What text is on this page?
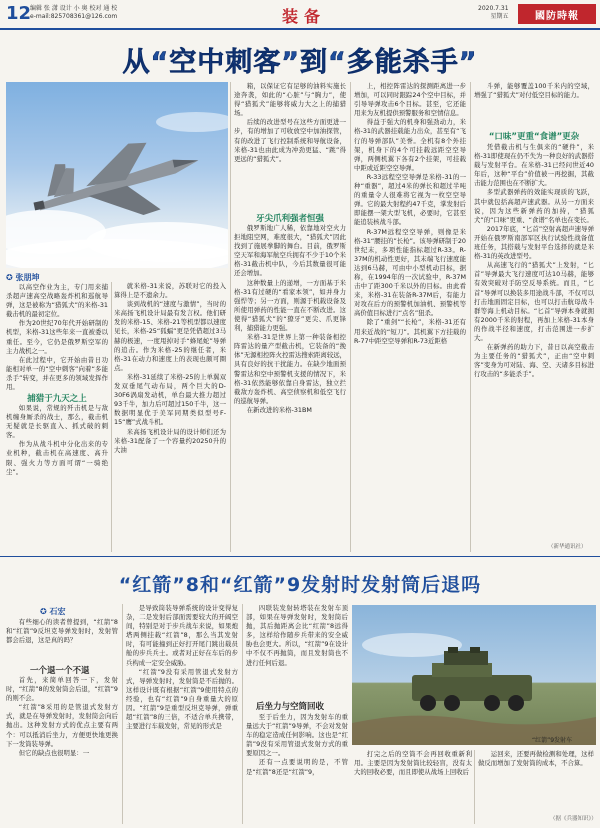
12
编辑 张 潇 设计 小 奥 校对 通 校
e-mail:825708361@126.com	装备	2020.7.31
星期五	國防時報
从“空中刺客”到“多能杀手”
俄罗斯米格-31战机
✪ 张朋坤

以高空作业为主，专门用来捕杀超声速高空战略轰炸机和巡航导弹，这是被称为“猎狐犬”的米格-31截击机的最初定位。

作为20世纪70年代开始研制的机型，米格-31这些年来一直被委以重任。至今，它仍是俄罗斯空军的主力战机之一。

在此过程中，它开始由昔日功能相对单一的“空中刺客”向着“多能杀手”转变，并在更多的领域发挥作用。

捕猎于九天之上

如果说，常规的歼击机是与敌机缠身厮杀的战士，那么，截击机无疑就是长驱直入、抓式破的刺客。

作为从战斗机中分化出来的专业机种，截击机在高速度、高升限、强火力等方面可谓“一骑绝尘”。

就米格-31来说，苏联对它的投入算得上是不遗余力。

谈到战机的“速度与激情”，当时的米高扬飞机设计局最有发言权。他们研发的米格-15、米格-21等机型都以速度见长，米格-25“狐蝠”更是凭借超过3马赫的极速，一度甩掉对手“蜂尾蛇”导弹的追击。作为米格-25的继任者，米格-31在动力和速度上的表现也颇可圈点。

米格-31延续了米格-25的上单翼双发双垂尾气动布局，两个巨大的D-30F6涡扇发动机，单台最大推力超过93千牛，加力后可超过150千牛，这一数据明显优于美军同期类似型号F-15“鹰”式战斗机。

米高扬飞机设计局的设计师们还为米格-31配备了一个容量约20250升的大油

箱，以保证它有足够的油料实施长途奔袭，如此的“心脏”与“胸力”，使得“猎狐犬”能够将威力大之上的捕猎场。

后续的改进型号在这些方面更进一步，有的增加了可收放空中加油探管，有的改进了飞行控制系统和导航设备，米格-31也由此成为冲劲更猛、“跳”得更远的“猎狐犬”。

牙尖爪利强者恒强

俄罗斯地广人稀，依靠地对空火力拒地阻空网，难度很大，“猎狐犬”因此找到了施展拳脚的舞台。目前，俄罗斯空天军和海军航空兵拥有不少于10个米格-31截击机中队，今后其数量很可能还会增加。

这种数量上的递增，一方面基于米格-31有过硬的“看家本领”，如并身力强悍等；另一方面，则源于机载设备及所使用弹药的性能一直在不断改进。这使得“猎狐犬”的“獠牙”更尖、爪更锋利，捕猎能力更强。

米格-31是世界上第一种装备相控阵雷达的量产型截击机，它装备的“挽体”无源相控阵火控雷达搜索距离较远，具有良好的抗干扰能力。在缺少地面预警雷达和空中预警机支援的情况下，米格-31依然能够依靠自身雷达，独立拦截敌方轰炸机、高空侦察机和低空飞行的巡航导弹。

在新改进的米格-31BM

上，相控阵雷达的探测距离进一步增加，可以同时跟踪24个空中目标，并引导导弹攻击6个目标。甚至，它还能用来为友机提供预警服务和空情信息。

得益于强大的机身和强劲动力，米格-31的武器挂载能力出众，甚至有“飞行的导弹部队”美誉。全机有8个外挂架，机身下的4个可挂载远距空空导弹，两侧机翼下各有2个挂架，可挂载中距或近距空空导弹。

R-33远程空空导弹是米格-31的一种“重器”，超过4米的弹长和超过半吨的重量令人很难将它视为一枚空空导弹。它的最大射程约47千克，掌发射后即能摆一架大型飞机，必要时，它甚至能追装核战斗部。

R-37M远程空空导弹，则像是米格-31“腰挂的”长枪”。该导弹研制于20世纪末，多项性能指标超过R-33。R-37M的机动性更好，其末端飞行速度能达到6马赫，可由中小型机动目标，据称，在1994年的一次试验中，R-37M击中了距300千米以外的目标。由此看来，米格-31在装备R-37M后，有能力对攻在后方的预警机加油机、预警机等高价值目标进行“点名”狙杀。

除了“重剑”“长枪”，米格-31还有用来近战的“短刀”。其机翼下方挂载的R-77中距空空导弹和R-73近距格

斗弹，能够覆盖100千米内的空域，增强了“猎狐犬”对付低空目标的能力。

“口味”更重“食谱”更杂

凭借截击机与生俱来的“硬件”，米格-31即使现在仍不失为一种良好的武器搭载与发射平台。在米格-31已经问世近40年后，这种“平台”价值被一再挖掘，其截击能力范围也在不断扩大。

多型武器弹药的效能实现质的飞跃，其中就包括高超声速武器。从另一方面来说，因为这些新弹药的加持，“猎狐犬”的“口味”更重、“食谱”名单也在变长。

2017年底，“匕首”空射高超声速导弹开始在俄罗斯南部军区执行试验性战备值班任务，其搭载与发射平台选择的就是米格-31的英改进型号。

从高速飞行的“猎狐犬”上发射，“匕首”导弹最大飞行速度可达10马赫，能够有效突破对手防空反导系统。而且，“匕首”导弹可以换装多用途战斗部，不仅可以打击地面固定目标，也可以打击航母战斗群等海上机动目标。“匕首”导弹本身就拥有2000千米的射程，再加上米格-31本身的作战半径和速度，打击范围进一步扩大。

在新弹药的助力下，昔日以高空截击为主要任务的“猎狐犬”，正由“空中刺客”变身为可对陆、海、空、天诸多目标进行攻击的“多能杀手”。

（新华通讯社）
“红箭”8和“红箭”9发射时发射筒后退吗
✪ 石宏

有些细心的读者曾提到，“红箭”8和“红箭”9反坦克导弹发射时，发射管都会后退，这是真的吗？

一个退一个不退

首先，来简单回答一下，发射时，“红箭”8的发射筒会后退，“红箭”9的则不会。

“红箭”8采用的是管退式发射方式，就是在导弹发射时，发射筒会向后抛出。这种发射方式的优点主要有两个：可以抵消后坐力，方便更快地更换下一发筒装导弹。

但它的缺点也很明显：一

是导致筒装导弹系统的设计变得复杂，二是发射后部面需要较大的开阔空间，特别是对于步兵战车来说，如果炮塔两侧挂载“红箭”8，那么当其发射时，有可能撞到正好打开尾门跳出载员舱的步兵兵士。或者对正好在车后的步兵构成一定安全威胁。

“红箭”9没有采用管退式发射方式，导弹发射时，发射筒是不后抛的。这样设计既有根据“红箭”9使用特点的经验，也有“红箭”9自身重量大的原因。“红箭”9是重型反坦克导弹，弹重超“红箭”8的三倍，不适合单兵携带，主要进行车载发射，常见的形式是

四联装发射转塔装在发射车顶部，如果在导弹发射时，发射筒后抛，其后抛距离会比“红箭”8远得多，这样给作随步兵带来的安全威胁也会更大。所以，“红箭”9在设计中不仅不再抛筒，而且发射筒也不进行任何后退。

后坐力与空筒回收

至于后坐力，因为发射车的重量远大于“红箭”9导弹，不会对发射车的稳定造成任何影响。这也是“红箭”9没有采用管退式发射方式的重要原因之一。

还有一点要说明的是，不管是“红箭”8还是“红箭”9，

“红箭”9发射车

打完之后的空筒不会再回收重新利用。主要是因为发射筒比较轻盲，没有太大的回收必要，而且即使从战场上回收后

运回来，还要再做检测和处理，这样做反而增加了发射筒的成本，不合算。

（据《兵器知识》）
